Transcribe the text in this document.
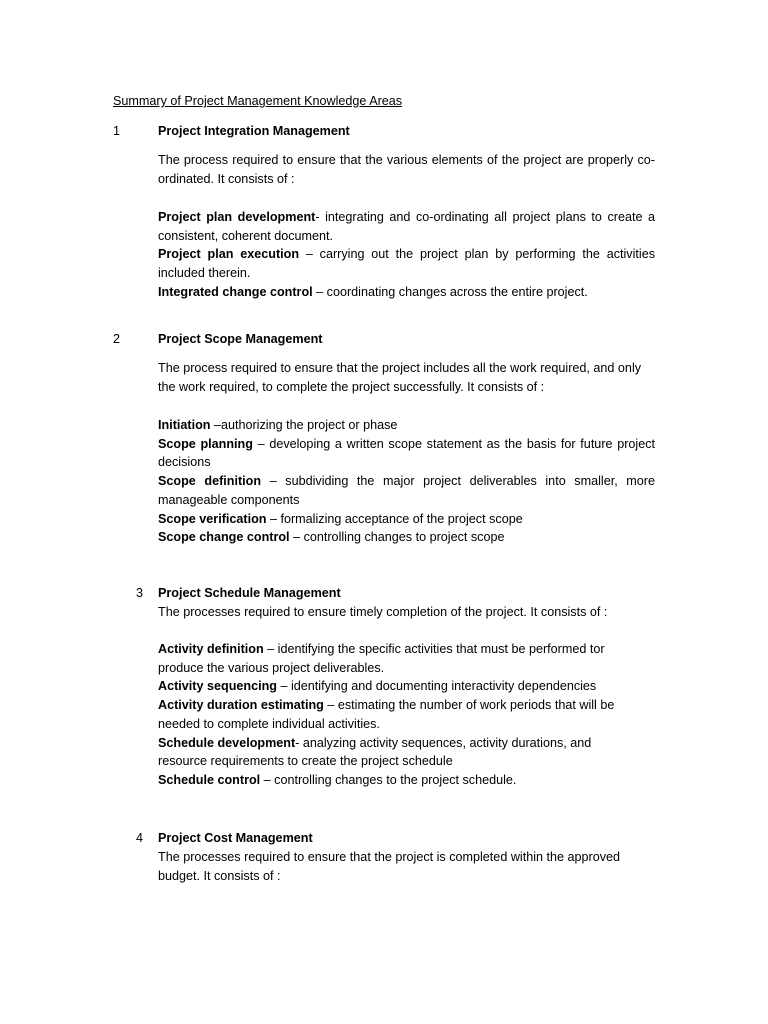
Summary of Project Management Knowledge Areas
1	Project Integration Management
The process required to ensure that the various elements of the project are properly co-ordinated. It consists of :
Project plan development- integrating and co-ordinating all project plans to create a consistent, coherent document.
Project plan execution – carrying out the project plan by performing the activities included therein.
Integrated change control – coordinating changes across the entire project.
2	Project Scope Management
The process required to ensure that the project includes all the work required, and only the work required, to complete the project successfully. It consists of :
Initiation –authorizing the project or phase
Scope planning – developing a written scope statement as the basis for future project decisions
Scope definition – subdividing the major project deliverables into smaller, more manageable components
Scope verification – formalizing acceptance of the project scope
Scope change control – controlling changes to project scope
3 Project Schedule Management
The processes required to ensure timely completion of the project. It consists of :
Activity definition – identifying the specific activities that must be performed tor produce the various project deliverables.
Activity sequencing – identifying and documenting interactivity dependencies
Activity duration estimating – estimating the number of work periods that will be needed to complete individual activities.
Schedule development- analyzing activity sequences, activity durations, and resource requirements to create the project schedule
Schedule control – controlling changes to the project schedule.
4 Project Cost Management
The processes required to ensure that the project is completed within the approved budget. It consists of :
